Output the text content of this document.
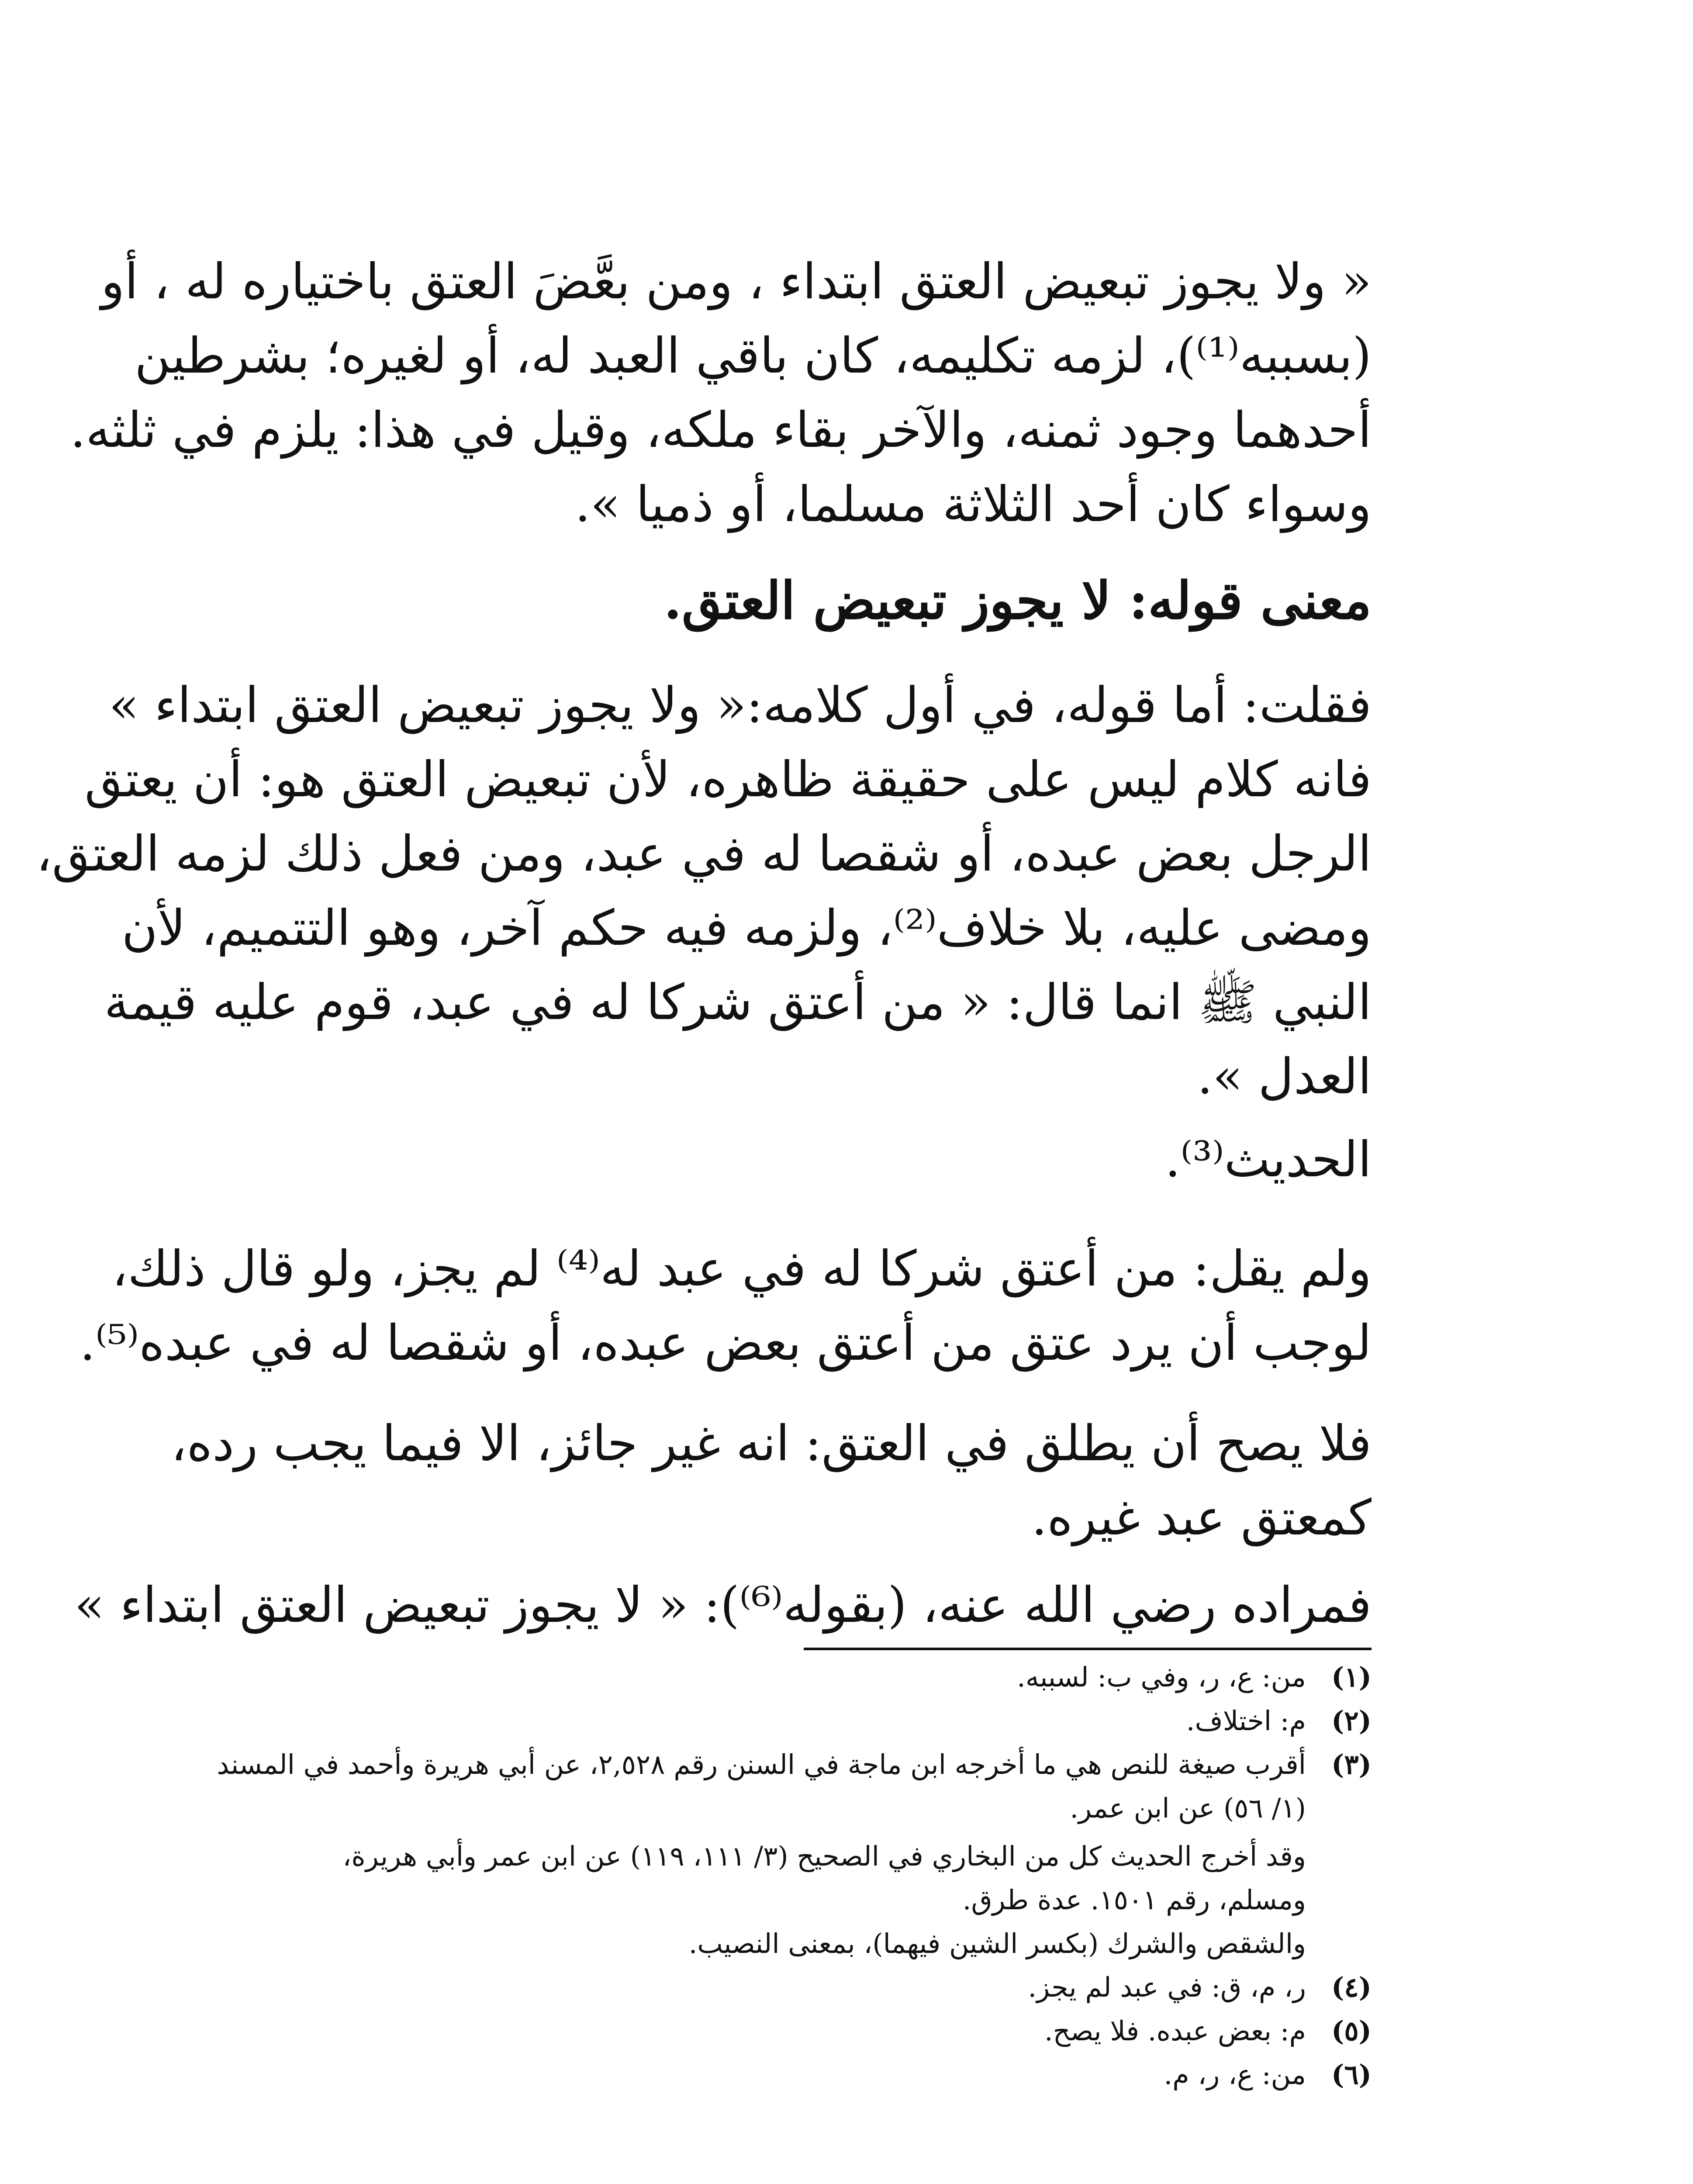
« ولا يجوز تبعيض العتق ابتداء ، ومن بعَّضَ العتق باختياره له ، أو
(بسببه⁽¹⁾)، لزمه تكليمه، كان باقي العبد له، أو لغيره؛ بشرطين
أحدهما وجود ثمنه، والآخر بقاء ملكه، وقيل في هذا: يلزم في ثلثه.
وسواء كان أحد الثلاثة مسلما، أو ذميا ».
معنى قوله: لا يجوز تبعيض العتق.
فقلت: أما قوله، في أول كلامه:« ولا يجوز تبعيض العتق ابتداء »
فانه كلام ليس على حقيقة ظاهره، لأن تبعيض العتق هو: أن يعتق
الرجل بعض عبده، أو شقصا له في عبد، ومن فعل ذلك لزمه العتق،
ومضى عليه، بلا خلاف⁽²⁾، ولزمه فيه حكم آخر، وهو التتميم، لأن
النبي ﷺ انما قال: « من أعتق شركا له في عبد، قوم عليه قيمة
العدل ».
الحديث⁽³⁾.
ولم يقل: من أعتق شركا له في عبد له⁽⁴⁾ لم يجز، ولو قال ذلك،
لوجب أن يرد عتق من أعتق بعض عبده، أو شقصا له في عبده⁽⁵⁾.
فلا يصح أن يطلق في العتق: انه غير جائز، الا فيما يجب رده،
كمعتق عبد غيره.
فمراده رضي الله عنه، (بقوله⁽⁶⁾): « لا يجوز تبعيض العتق ابتداء »
(١)من: ع، ر، وفي ب: لسببه.
(٢)م: اختلاف.
(٣)أقرب صيغة للنص هي ما أخرجه ابن ماجة في السنن رقم ٢,٥٢٨، عن أبي هريرة وأحمد في المسند
(١/ ٥٦) عن ابن عمر.
وقد أخرج الحديث كل من البخاري في الصحيح (٣/ ١١١، ١١٩) عن ابن عمر وأبي هريرة،
ومسلم، رقم ١٥٠١. عدة طرق.
والشقص والشرك (بكسر الشين فيهما)، بمعنى النصيب.
(٤)ر، م، ق: في عبد لم يجز.
(٥)م: بعض عبده. فلا يصح.
(٦)من: ع، ر، م.
